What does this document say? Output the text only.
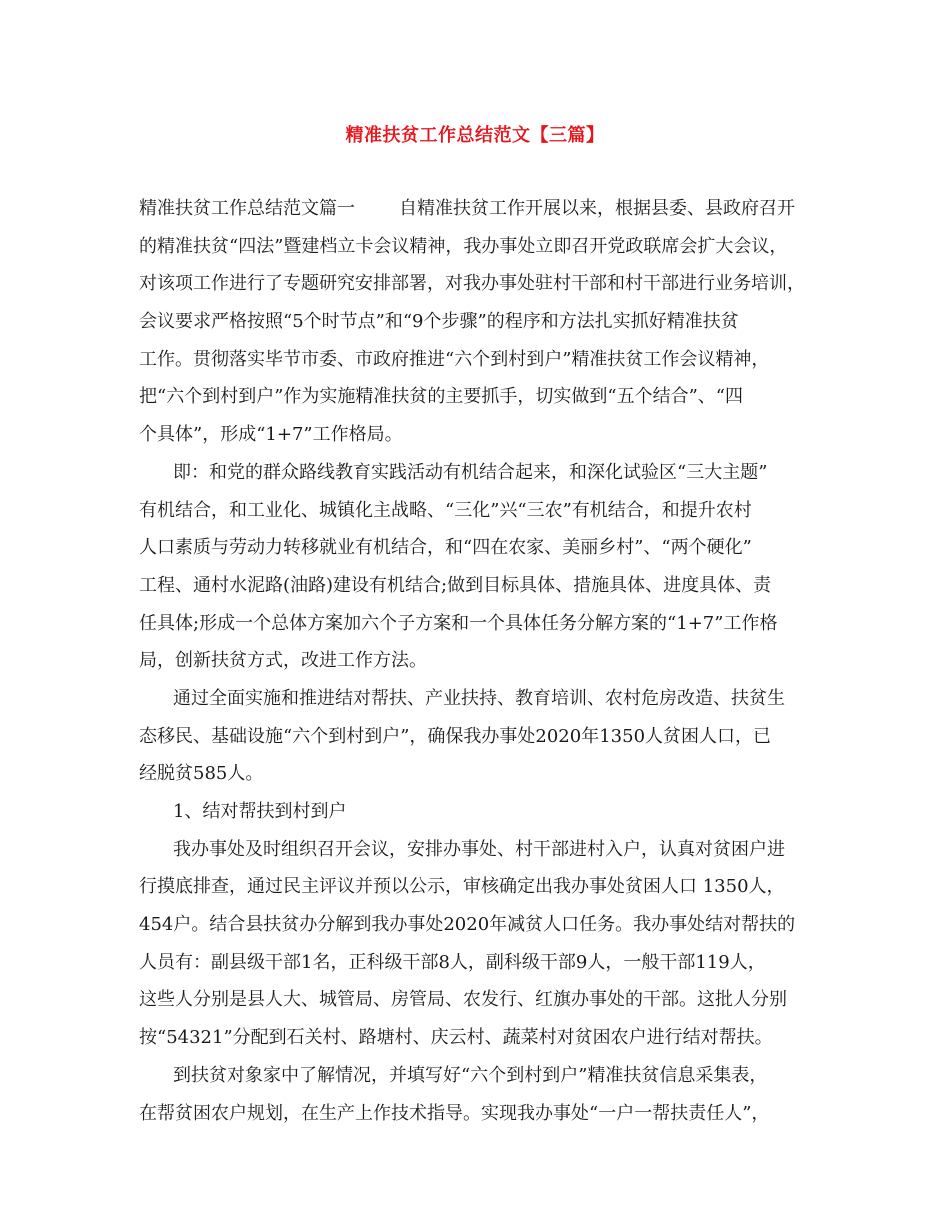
精准扶贫工作总结范文【三篇】
精准扶贫工作总结范文篇一 自精准扶贫工作开展以来，根据县委、县政府召开
的精准扶贫“四法”暨建档立卡会议精神，我办事处立即召开党政联席会扩大会议，
对该项工作进行了专题研究安排部署，对我办事处驻村干部和村干部进行业务培训，
会议要求严格按照“5个时节点”和“9个步骤”的程序和方法扎实抓好精准扶贫
工作。贯彻落实毕节市委、市政府推进“六个到村到户”精准扶贫工作会议精神，
把“六个到村到户”作为实施精准扶贫的主要抓手，切实做到“五个结合”、“四
个具体”，形成“1+7”工作格局。
即：和党的群众路线教育实践活动有机结合起来，和深化试验区“三大主题”
有机结合，和工业化、城镇化主战略、“三化”兴“三农”有机结合，和提升农村
人口素质与劳动力转移就业有机结合，和“四在农家、美丽乡村”、“两个硬化”
工程、通村水泥路(油路)建设有机结合;做到目标具体、措施具体、进度具体、责
任具体;形成一个总体方案加六个子方案和一个具体任务分解方案的“1+7”工作格
局，创新扶贫方式，改进工作方法。
通过全面实施和推进结对帮扶、产业扶持、教育培训、农村危房改造、扶贫生
态移民、基础设施“六个到村到户”，确保我办事处2020年1350人贫困人口，已
经脱贫585人。
1、结对帮扶到村到户
我办事处及时组织召开会议，安排办事处、村干部进村入户，认真对贫困户进
行摸底排查，通过民主评议并预以公示，审核确定出我办事处贫困人口 1350人，
454户。结合县扶贫办分解到我办事处2020年减贫人口任务。我办事处结对帮扶的
人员有：副县级干部1名，正科级干部8人，副科级干部9人，一般干部119人，
这些人分别是县人大、城管局、房管局、农发行、红旗办事处的干部。这批人分别
按“54321”分配到石关村、路塘村、庆云村、蔬菜村对贫困农户进行结对帮扶。
到扶贫对象家中了解情况，并填写好“六个到村到户”精准扶贫信息采集表，
在帮贫困农户规划，在生产上作技术指导。实现我办事处“一户一帮扶责任人”，
